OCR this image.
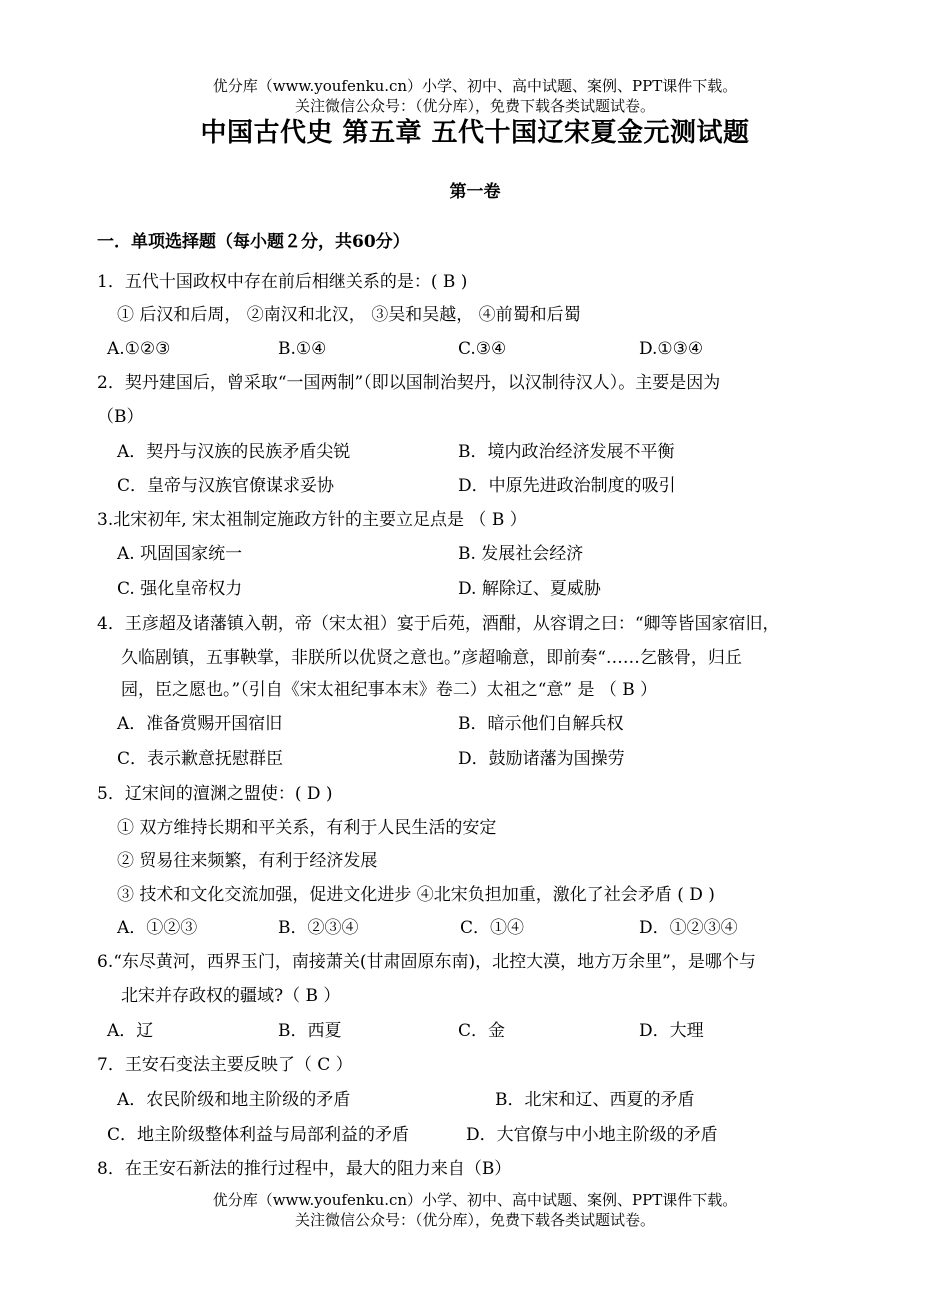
优分库（www.youfenku.cn）小学、初中、高中试题、案例、PPT课件下载。
关注微信公众号：（优分库），免费下载各类试题试卷。
中国古代史 第五章 五代十国辽宋夏金元测试题
第一卷
一．单项选择题（每小题２分，共60分）
1．五代十国政权中存在前后相继关系的是：( B )
① 后汉和后周， ②南汉和北汉， ③吴和吴越， ④前蜀和后蜀
A.①②③	B.①④	C.③④	D.①③④
2．契丹建国后，曾采取“一国两制”（即以国制治契丹，以汉制待汉人）。主要是因为
（B）
A．契丹与汉族的民族矛盾尖锐	B．境内政治经济发展不平衡
C．皇帝与汉族官僚谋求妥协	D．中原先进政治制度的吸引
3.北宋初年, 宋太祖制定施政方针的主要立足点是 （ B ）
A. 巩固国家统一	B. 发展社会经济
C. 强化皇帝权力	D. 解除辽、夏威胁
4．王彦超及诸藩镇入朝，帝（宋太祖）宴于后苑，酒酣，从容谓之曰：“卿等皆国家宿旧，
久临剧镇，五事鞅掌，非朕所以优贤之意也。”彦超喻意，即前奏“……乞骸骨，归丘
园，臣之愿也。”（引自《宋太祖纪事本末》卷二）太祖之“意” 是 （ B ）
A．准备赏赐开国宿旧	B．暗示他们自解兵权
C．表示歉意抚慰群臣	D．鼓励诸藩为国操劳
5．辽宋间的澶渊之盟使：( D )
① 双方维持长期和平关系，有利于人民生活的安定
② 贸易往来频繁，有利于经济发展
③ 技术和文化交流加强，促进文化进步 ④北宋负担加重，激化了社会矛盾 ( D )
A．①②③	B．②③④	C．①④	D．①②③④
6.“东尽黄河，西界玉门，南接萧关(甘肃固原东南)，北控大漠，地方万余里”，是哪个与
北宋并存政权的疆域?（ B ）
A．辽	B．西夏	C．金	D．大理
7．王安石变法主要反映了（ C ）
A．农民阶级和地主阶级的矛盾	B．北宋和辽、西夏的矛盾
C．地主阶级整体利益与局部利益的矛盾	D．大官僚与中小地主阶级的矛盾
8．在王安石新法的推行过程中，最大的阻力来自（B）
优分库（www.youfenku.cn）小学、初中、高中试题、案例、PPT课件下载。
关注微信公众号：（优分库），免费下载各类试题试卷。
